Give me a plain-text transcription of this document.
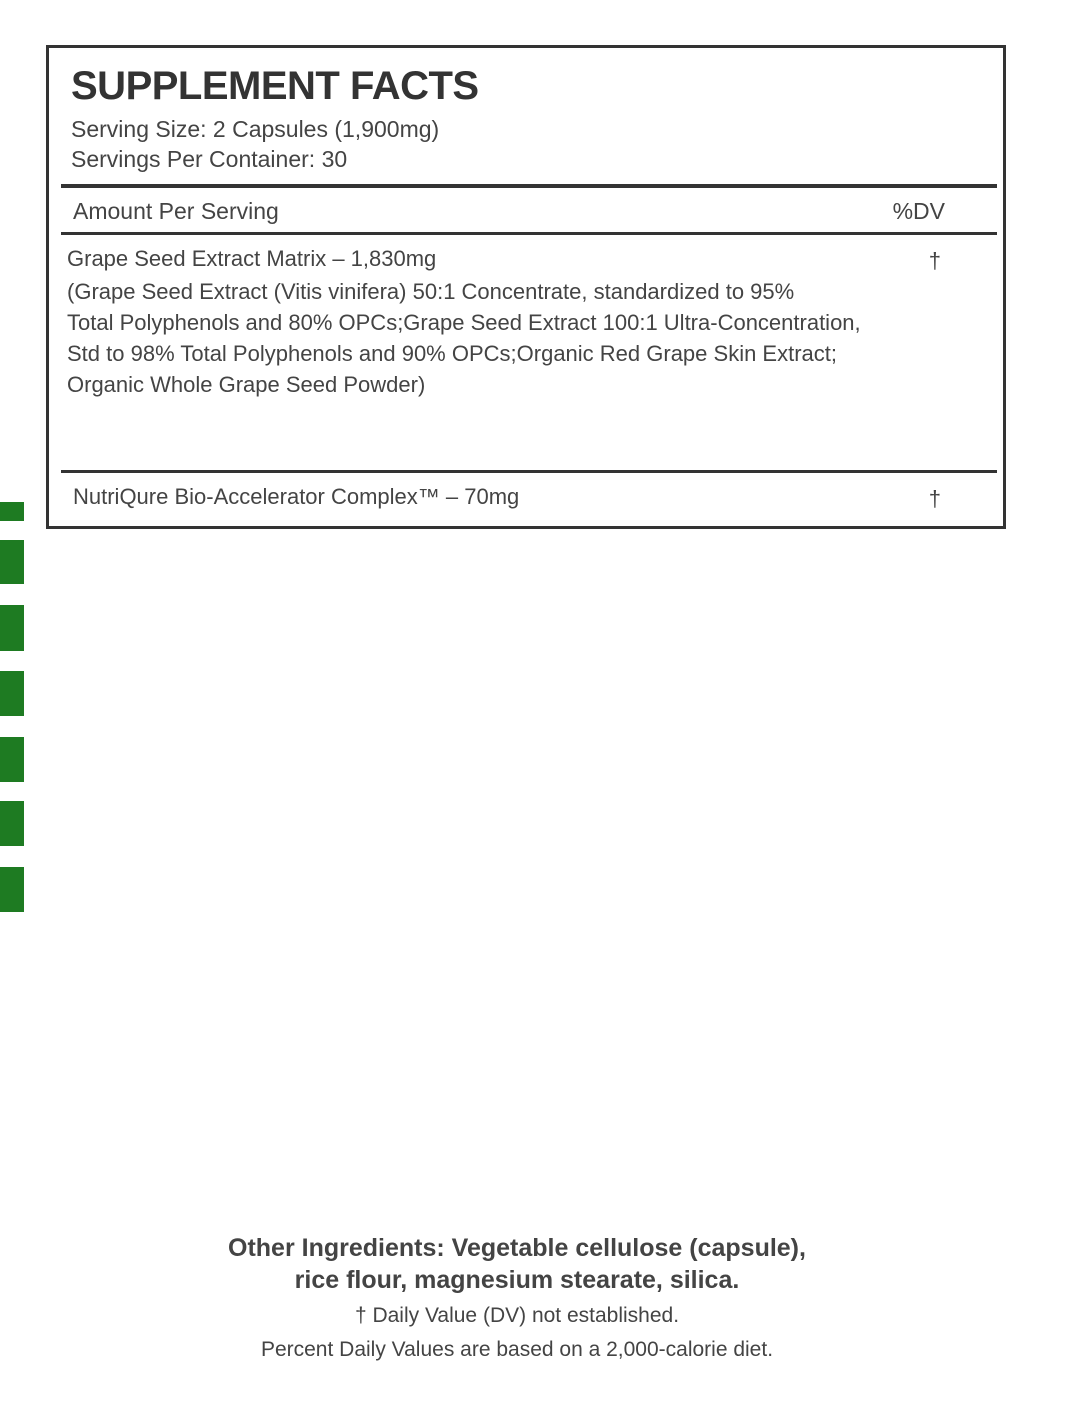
SUPPLEMENT FACTS
Serving Size: 2 Capsules (1,900mg)
Servings Per Container: 30
Amount Per Serving	%DV
Grape Seed Extract Matrix – 1,830mg	†

(Grape Seed Extract (Vitis vinifera) 50:1 Concentrate, standardized to 95%
Total Polyphenols and 80% OPCs;Grape Seed Extract 100:1 Ultra-Concentration,
Std to 98% Total Polyphenols and 90% OPCs;Organic Red Grape Skin Extract;
Organic Whole Grape Seed Powder)

NutriQure Bio-Accelerator Complex™ – 70mg	†
Other Ingredients: Vegetable cellulose (capsule),
rice flour, magnesium stearate, silica.
† Daily Value (DV) not established.
Percent Daily Values are based on a 2,000-calorie diet.
